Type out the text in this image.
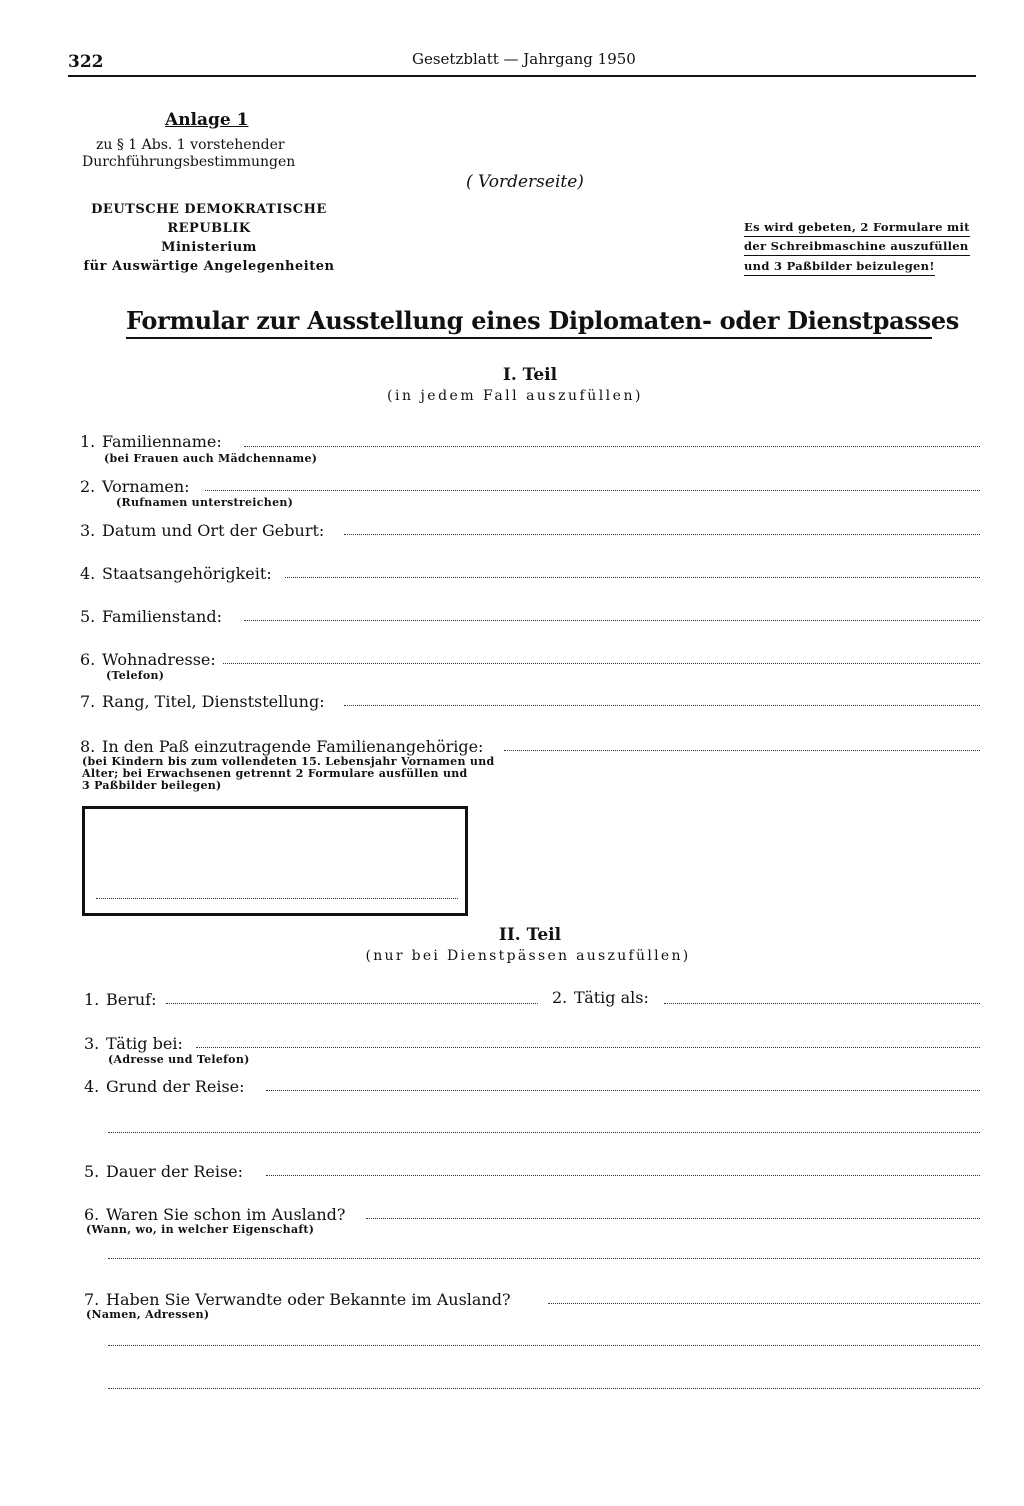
322	Gesetzblatt — Jahrgang 1950
Anlage 1
zu § 1 Abs. 1 vorstehender
Durchführungsbestimmungen
( Vorderseite)
DEUTSCHE DEMOKRATISCHE
REPUBLIK
Ministerium
für Auswärtige Angelegenheiten
Es wird gebeten, 2 Formulare mit
der Schreibmaschine auszufüllen
und 3 Paßbilder beizulegen!
Formular zur Ausstellung eines Diplomaten- oder Dienstpasses
I. Teil
(in jedem Fall auszufüllen)
1. Familienname:
(bei Frauen auch Mädchenname)
2. Vornamen:
(Rufnamen unterstreichen)
3. Datum und Ort der Geburt:
4. Staatsangehörigkeit:
5. Familienstand:
6. Wohnadresse:
(Telefon)
7. Rang, Titel, Dienststellung:
8. In den Paß einzutragende Familienangehörige:
(bei Kindern bis zum vollendeten 15. Lebensjahr Vornamen und
Alter; bei Erwachsenen getrennt 2 Formulare ausfüllen und
3 Paßbilder beilegen)
II. Teil
(nur bei Dienstpässen auszufüllen)
1. Beruf:	2. Tätig als:
3. Tätig bei:
(Adresse und Telefon)
4. Grund der Reise:
5. Dauer der Reise:
6. Waren Sie schon im Ausland?
(Wann, wo, in welcher Eigenschaft)
7. Haben Sie Verwandte oder Bekannte im Ausland?
(Namen, Adressen)
